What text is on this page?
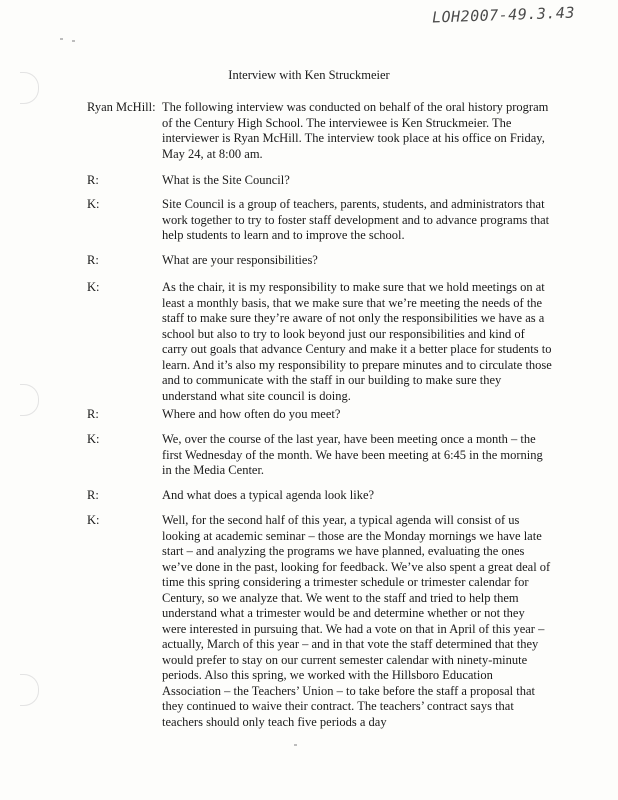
LOH2007-49.3.43
Interview with Ken Struckmeier
Ryan McHill: The following interview was conducted on behalf of the oral history program of the Century High School. The interviewee is Ken Struckmeier. The interviewer is Ryan McHill. The interview took place at his office on Friday, May 24, at 8:00 am.
R:	What is the Site Council?
K:	Site Council is a group of teachers, parents, students, and administrators that work together to try to foster staff development and to advance programs that help students to learn and to improve the school.
R:	What are your responsibilities?
K:	As the chair, it is my responsibility to make sure that we hold meetings on at least a monthly basis, that we make sure that we’re meeting the needs of the staff to make sure they’re aware of not only the responsibilities we have as a school but also to try to look beyond just our responsibilities and kind of carry out goals that advance Century and make it a better place for students to learn. And it’s also my responsibility to prepare minutes and to circulate those and to communicate with the staff in our building to make sure they understand what site council is doing.
R:	Where and how often do you meet?
K:	We, over the course of the last year, have been meeting once a month – the first Wednesday of the month. We have been meeting at 6:45 in the morning in the Media Center.
R:	And what does a typical agenda look like?
K:	Well, for the second half of this year, a typical agenda will consist of us looking at academic seminar – those are the Monday mornings we have late start – and analyzing the programs we have planned, evaluating the ones we’ve done in the past, looking for feedback. We’ve also spent a great deal of time this spring considering a trimester schedule or trimester calendar for Century, so we analyze that. We went to the staff and tried to help them understand what a trimester would be and determine whether or not they were interested in pursuing that. We had a vote on that in April of this year – actually, March of this year – and in that vote the staff determined that they would prefer to stay on our current semester calendar with ninety-minute periods. Also this spring, we worked with the Hillsboro Education Association – the Teachers’ Union – to take before the staff a proposal that they continued to waive their contract. The teachers’ contract says that teachers should only teach five periods a day
